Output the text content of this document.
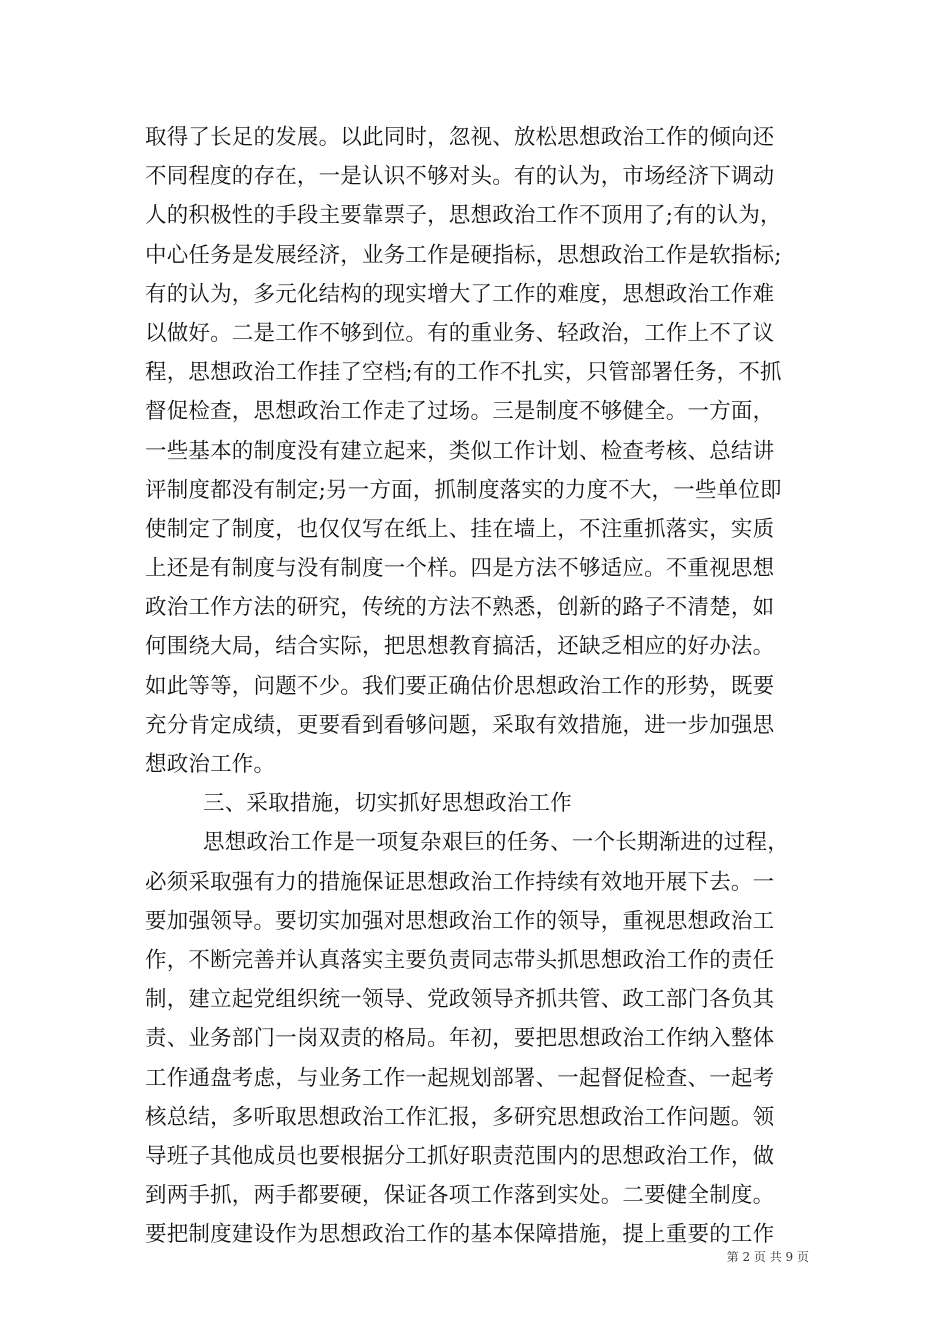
取得了长足的发展。以此同时，忽视、放松思想政治工作的倾向还
不同程度的存在，一是认识不够对头。有的认为，市场经济下调动
人的积极性的手段主要靠票子，思想政治工作不顶用了;有的认为，
中心任务是发展经济，业务工作是硬指标，思想政治工作是软指标;
有的认为，多元化结构的现实增大了工作的难度，思想政治工作难
以做好。二是工作不够到位。有的重业务、轻政治，工作上不了议
程，思想政治工作挂了空档;有的工作不扎实，只管部署任务，不抓
督促检查，思想政治工作走了过场。三是制度不够健全。一方面，
一些基本的制度没有建立起来，类似工作计划、检查考核、总结讲
评制度都没有制定;另一方面，抓制度落实的力度不大，一些单位即
使制定了制度，也仅仅写在纸上、挂在墙上，不注重抓落实，实质
上还是有制度与没有制度一个样。四是方法不够适应。不重视思想
政治工作方法的研究，传统的方法不熟悉，创新的路子不清楚，如
何围绕大局，结合实际，把思想教育搞活，还缺乏相应的好办法。
如此等等，问题不少。我们要正确估价思想政治工作的形势，既要
充分肯定成绩，更要看到看够问题，采取有效措施，进一步加强思
想政治工作。
三、采取措施，切实抓好思想政治工作
思想政治工作是一项复杂艰巨的任务、一个长期渐进的过程，
必须采取强有力的措施保证思想政治工作持续有效地开展下去。一
要加强领导。要切实加强对思想政治工作的领导，重视思想政治工
作，不断完善并认真落实主要负责同志带头抓思想政治工作的责任
制，建立起党组织统一领导、党政领导齐抓共管、政工部门各负其
责、业务部门一岗双责的格局。年初，要把思想政治工作纳入整体
工作通盘考虑，与业务工作一起规划部署、一起督促检查、一起考
核总结，多听取思想政治工作汇报，多研究思想政治工作问题。领
导班子其他成员也要根据分工抓好职责范围内的思想政治工作，做
到两手抓，两手都要硬，保证各项工作落到实处。二要健全制度。
要把制度建设作为思想政治工作的基本保障措施，提上重要的工作
第 2 页 共 9 页
